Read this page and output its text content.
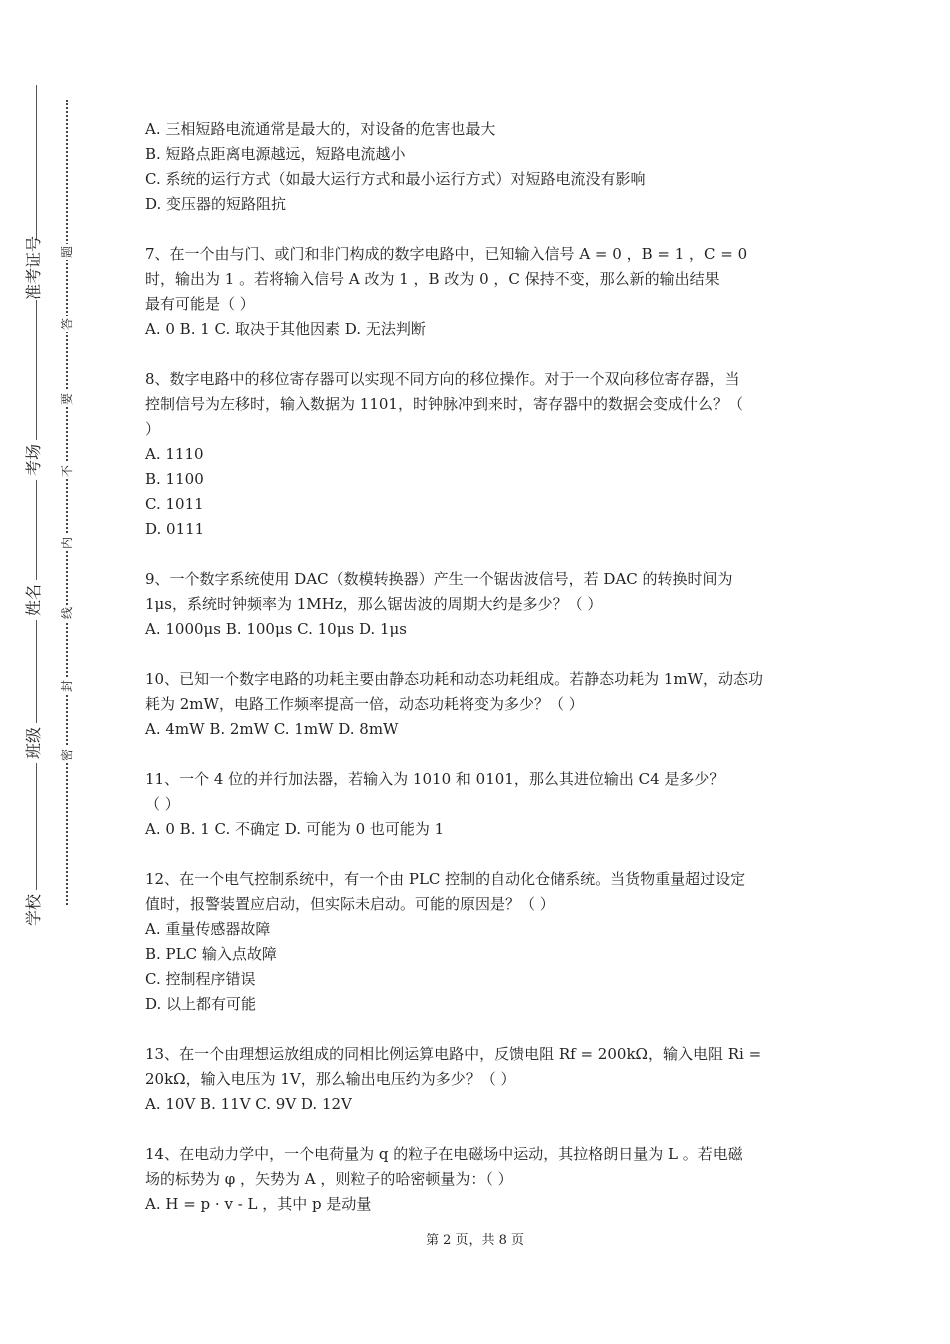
准考证号
考场
姓名
班级
学校
题
答
要
不
内
线
封
密
A. 三相短路电流通常是最大的，对设备的危害也最大
B. 短路点距离电源越远，短路电流越小
C. 系统的运行方式（如最大运行方式和最小运行方式）对短路电流没有影响
D. 变压器的短路阻抗
7、在一个由与门、或门和非门构成的数字电路中，已知输入信号 A = 0 ，B = 1 ，C = 0
时，输出为 1 。若将输入信号 A 改为 1 ，B 改为 0 ，C 保持不变，那么新的输出结果
最有可能是（ ）
A. 0 B. 1 C. 取决于其他因素 D. 无法判断
8、数字电路中的移位寄存器可以实现不同方向的移位操作。对于一个双向移位寄存器，当
控制信号为左移时，输入数据为 1101，时钟脉冲到来时，寄存器中的数据会变成什么？（
）
A. 1110
B. 1100
C. 1011
D. 0111
9、一个数字系统使用 DAC（数模转换器）产生一个锯齿波信号，若 DAC 的转换时间为
1μs，系统时钟频率为 1MHz，那么锯齿波的周期大约是多少？（ ）
A. 1000μs B. 100μs C. 10μs D. 1μs
10、已知一个数字电路的功耗主要由静态功耗和动态功耗组成。若静态功耗为 1mW，动态功
耗为 2mW，电路工作频率提高一倍，动态功耗将变为多少？（ ）
A. 4mW B. 2mW C. 1mW D. 8mW
11、一个 4 位的并行加法器，若输入为 1010 和 0101，那么其进位输出 C4 是多少？
（ ）
A. 0 B. 1 C. 不确定 D. 可能为 0 也可能为 1
12、在一个电气控制系统中，有一个由 PLC 控制的自动化仓储系统。当货物重量超过设定
值时，报警装置应启动，但实际未启动。可能的原因是？（ ）
A. 重量传感器故障
B. PLC 输入点故障
C. 控制程序错误
D. 以上都有可能
13、在一个由理想运放组成的同相比例运算电路中，反馈电阻 Rf = 200kΩ，输入电阻 Ri =
20kΩ，输入电压为 1V，那么输出电压约为多少？（ ）
A. 10V B. 11V C. 9V D. 12V
14、在电动力学中，一个电荷量为 q 的粒子在电磁场中运动，其拉格朗日量为 L 。若电磁
场的标势为 φ ，矢势为 A ，则粒子的哈密顿量为：（ ）
A. H = p · v - L ，其中 p 是动量
第 2 页，共 8 页
